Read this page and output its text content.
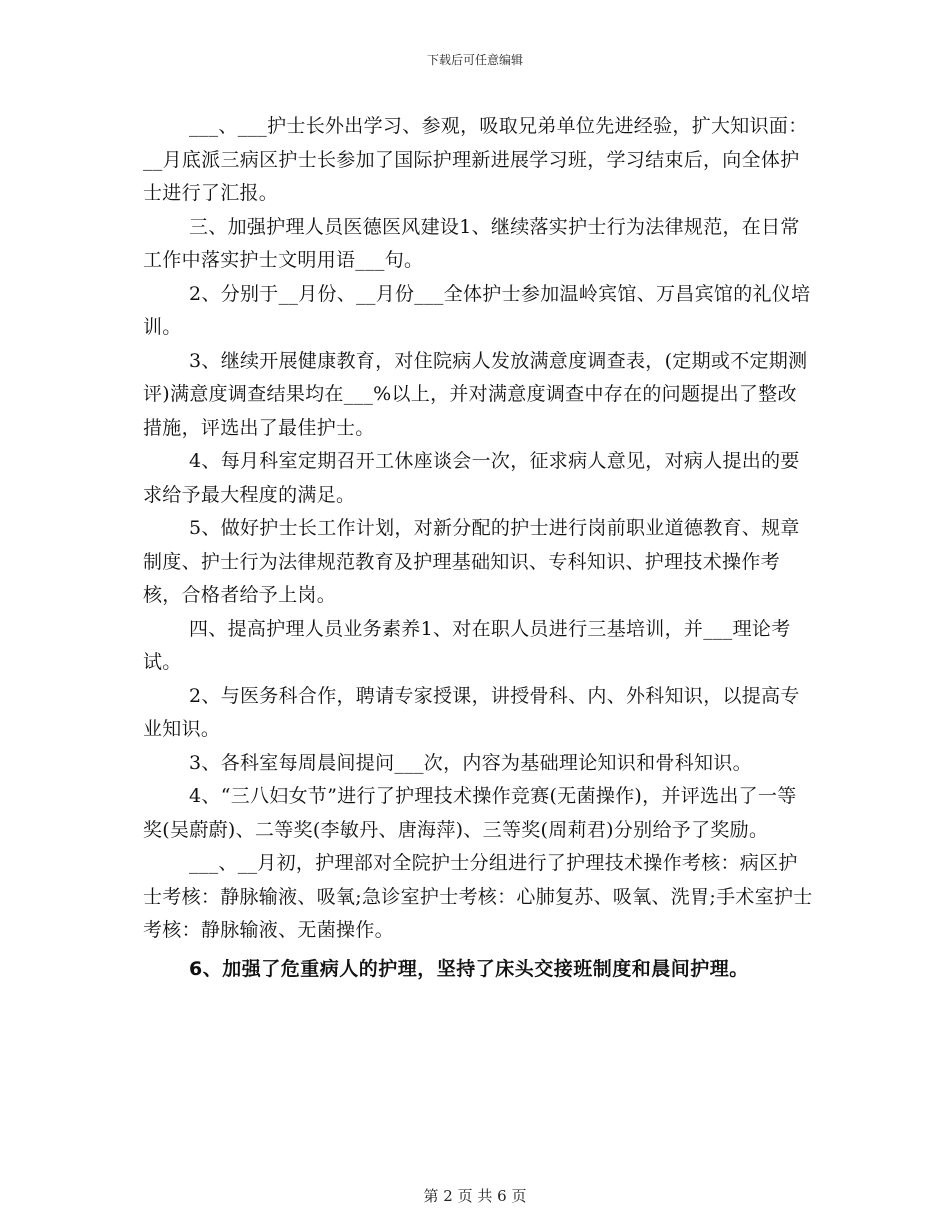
下载后可任意编辑

___、___护士长外出学习、参观，吸取兄弟单位先进经验，扩大知识面：__月底派三病区护士长参加了国际护理新进展学习班，学习结束后，向全体护士进行了汇报。

三、加强护理人员医德医风建设1、继续落实护士行为法律规范，在日常工作中落实护士文明用语___句。

2、分别于__月份、__月份___全体护士参加温岭宾馆、万昌宾馆的礼仪培训。

3、继续开展健康教育，对住院病人发放满意度调查表，(定期或不定期测评)满意度调查结果均在___%以上，并对满意度调查中存在的问题提出了整改措施，评选出了最佳护士。

4、每月科室定期召开工休座谈会一次，征求病人意见，对病人提出的要求给予最大程度的满足。

5、做好护士长工作计划，对新分配的护士进行岗前职业道德教育、规章制度、护士行为法律规范教育及护理基础知识、专科知识、护理技术操作考核，合格者给予上岗。

四、提高护理人员业务素养1、对在职人员进行三基培训，并___理论考试。

2、与医务科合作，聘请专家授课，讲授骨科、内、外科知识，以提高专业知识。

3、各科室每周晨间提问___次，内容为基础理论知识和骨科知识。

4、“三八妇女节”进行了护理技术操作竞赛(无菌操作)，并评选出了一等奖(吴蔚蔚)、二等奖(李敏丹、唐海萍)、三等奖(周莉君)分别给予了奖励。

___、__月初，护理部对全院护士分组进行了护理技术操作考核：病区护士考核：静脉输液、吸氧;急诊室护士考核：心肺复苏、吸氧、洗胃;手术室护士考核：静脉输液、无菌操作。

6、加强了危重病人的护理，坚持了床头交接班制度和晨间护理。

第 2 页 共 6 页
